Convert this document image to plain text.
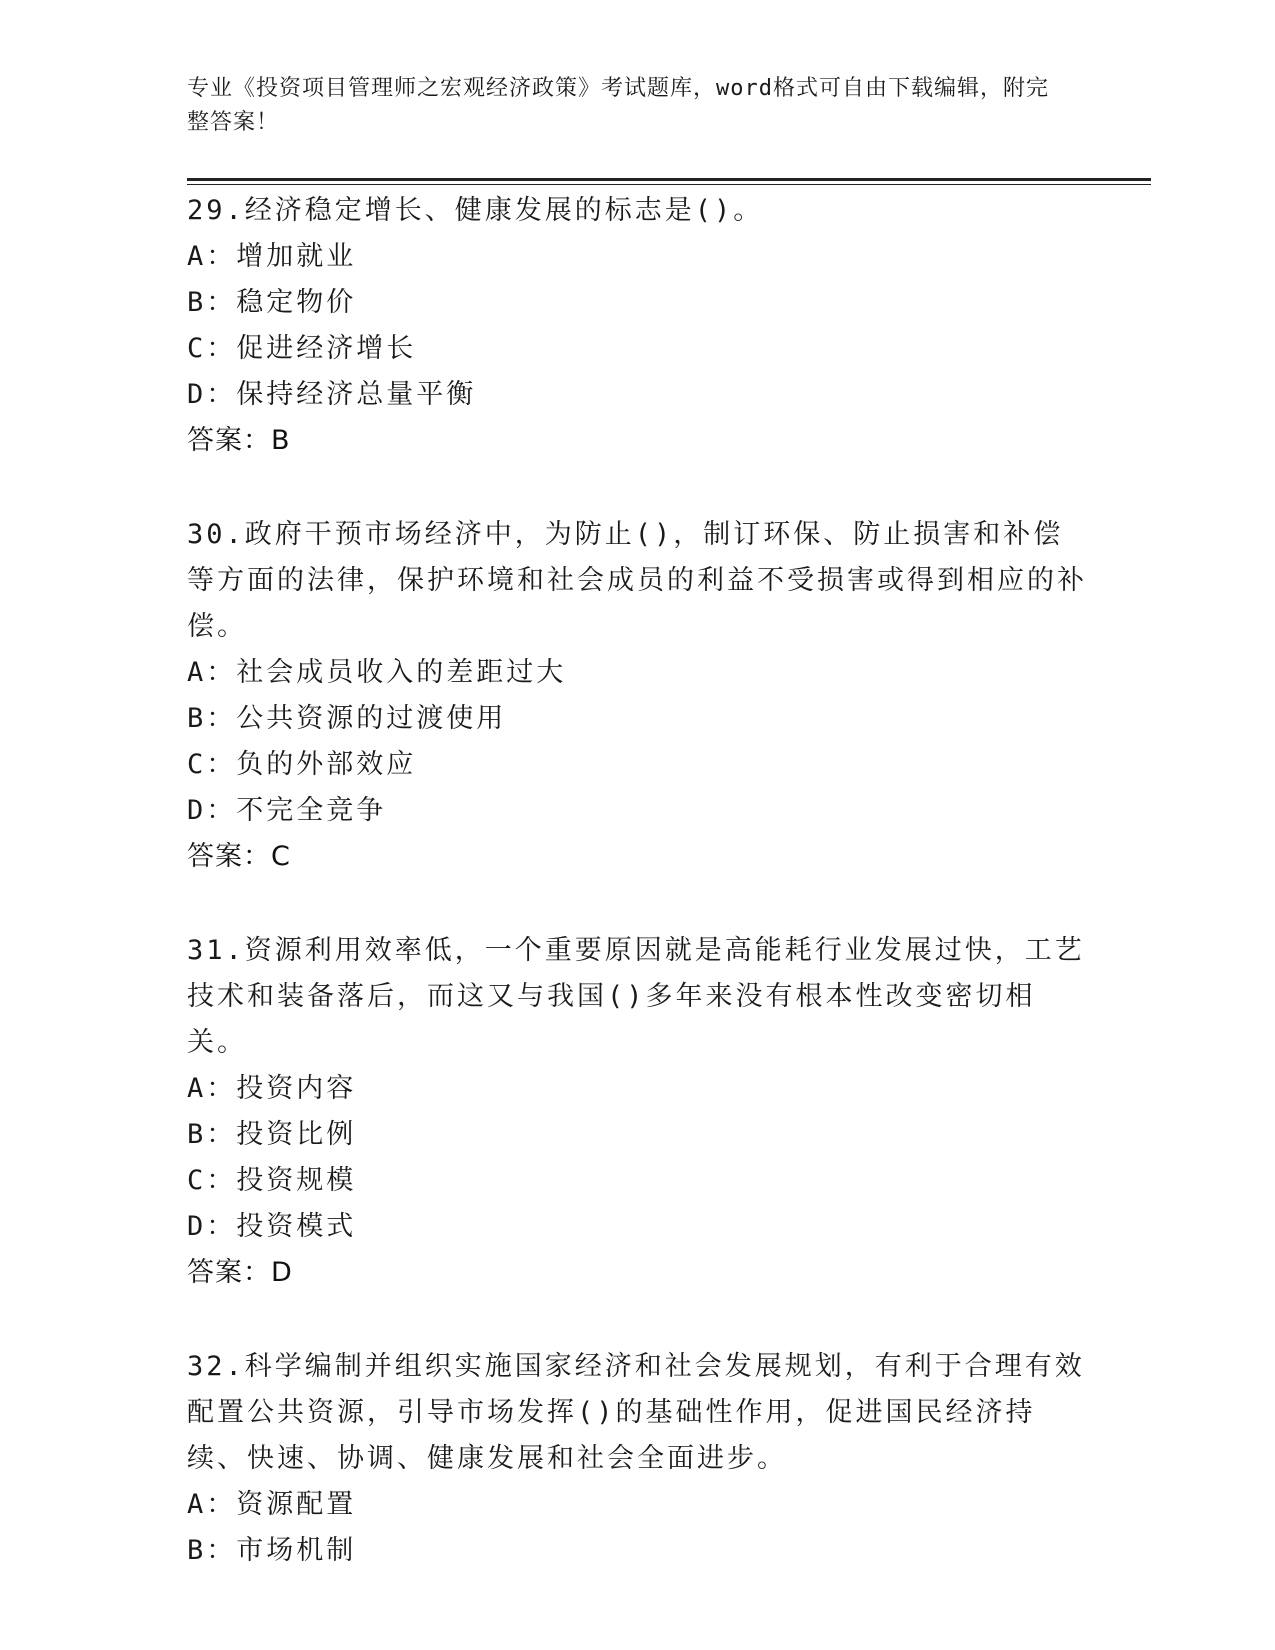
专业《投资项目管理师之宏观经济政策》考试题库，word格式可自由下载编辑，附完整答案！
29.经济稳定增长、健康发展的标志是()。
A：增加就业
B：稳定物价
C：促进经济增长
D：保持经济总量平衡
答案：B
30.政府干预市场经济中，为防止()，制订环保、防止损害和补偿等方面的法律，保护环境和社会成员的利益不受损害或得到相应的补偿。
A：社会成员收入的差距过大
B：公共资源的过渡使用
C：负的外部效应
D：不完全竞争
答案：C
31.资源利用效率低，一个重要原因就是高能耗行业发展过快，工艺技术和装备落后，而这又与我国()多年来没有根本性改变密切相关。
A：投资内容
B：投资比例
C：投资规模
D：投资模式
答案：D
32.科学编制并组织实施国家经济和社会发展规划，有利于合理有效配置公共资源，引导市场发挥()的基础性作用，促进国民经济持续、快速、协调、健康发展和社会全面进步。
A：资源配置
B：市场机制
